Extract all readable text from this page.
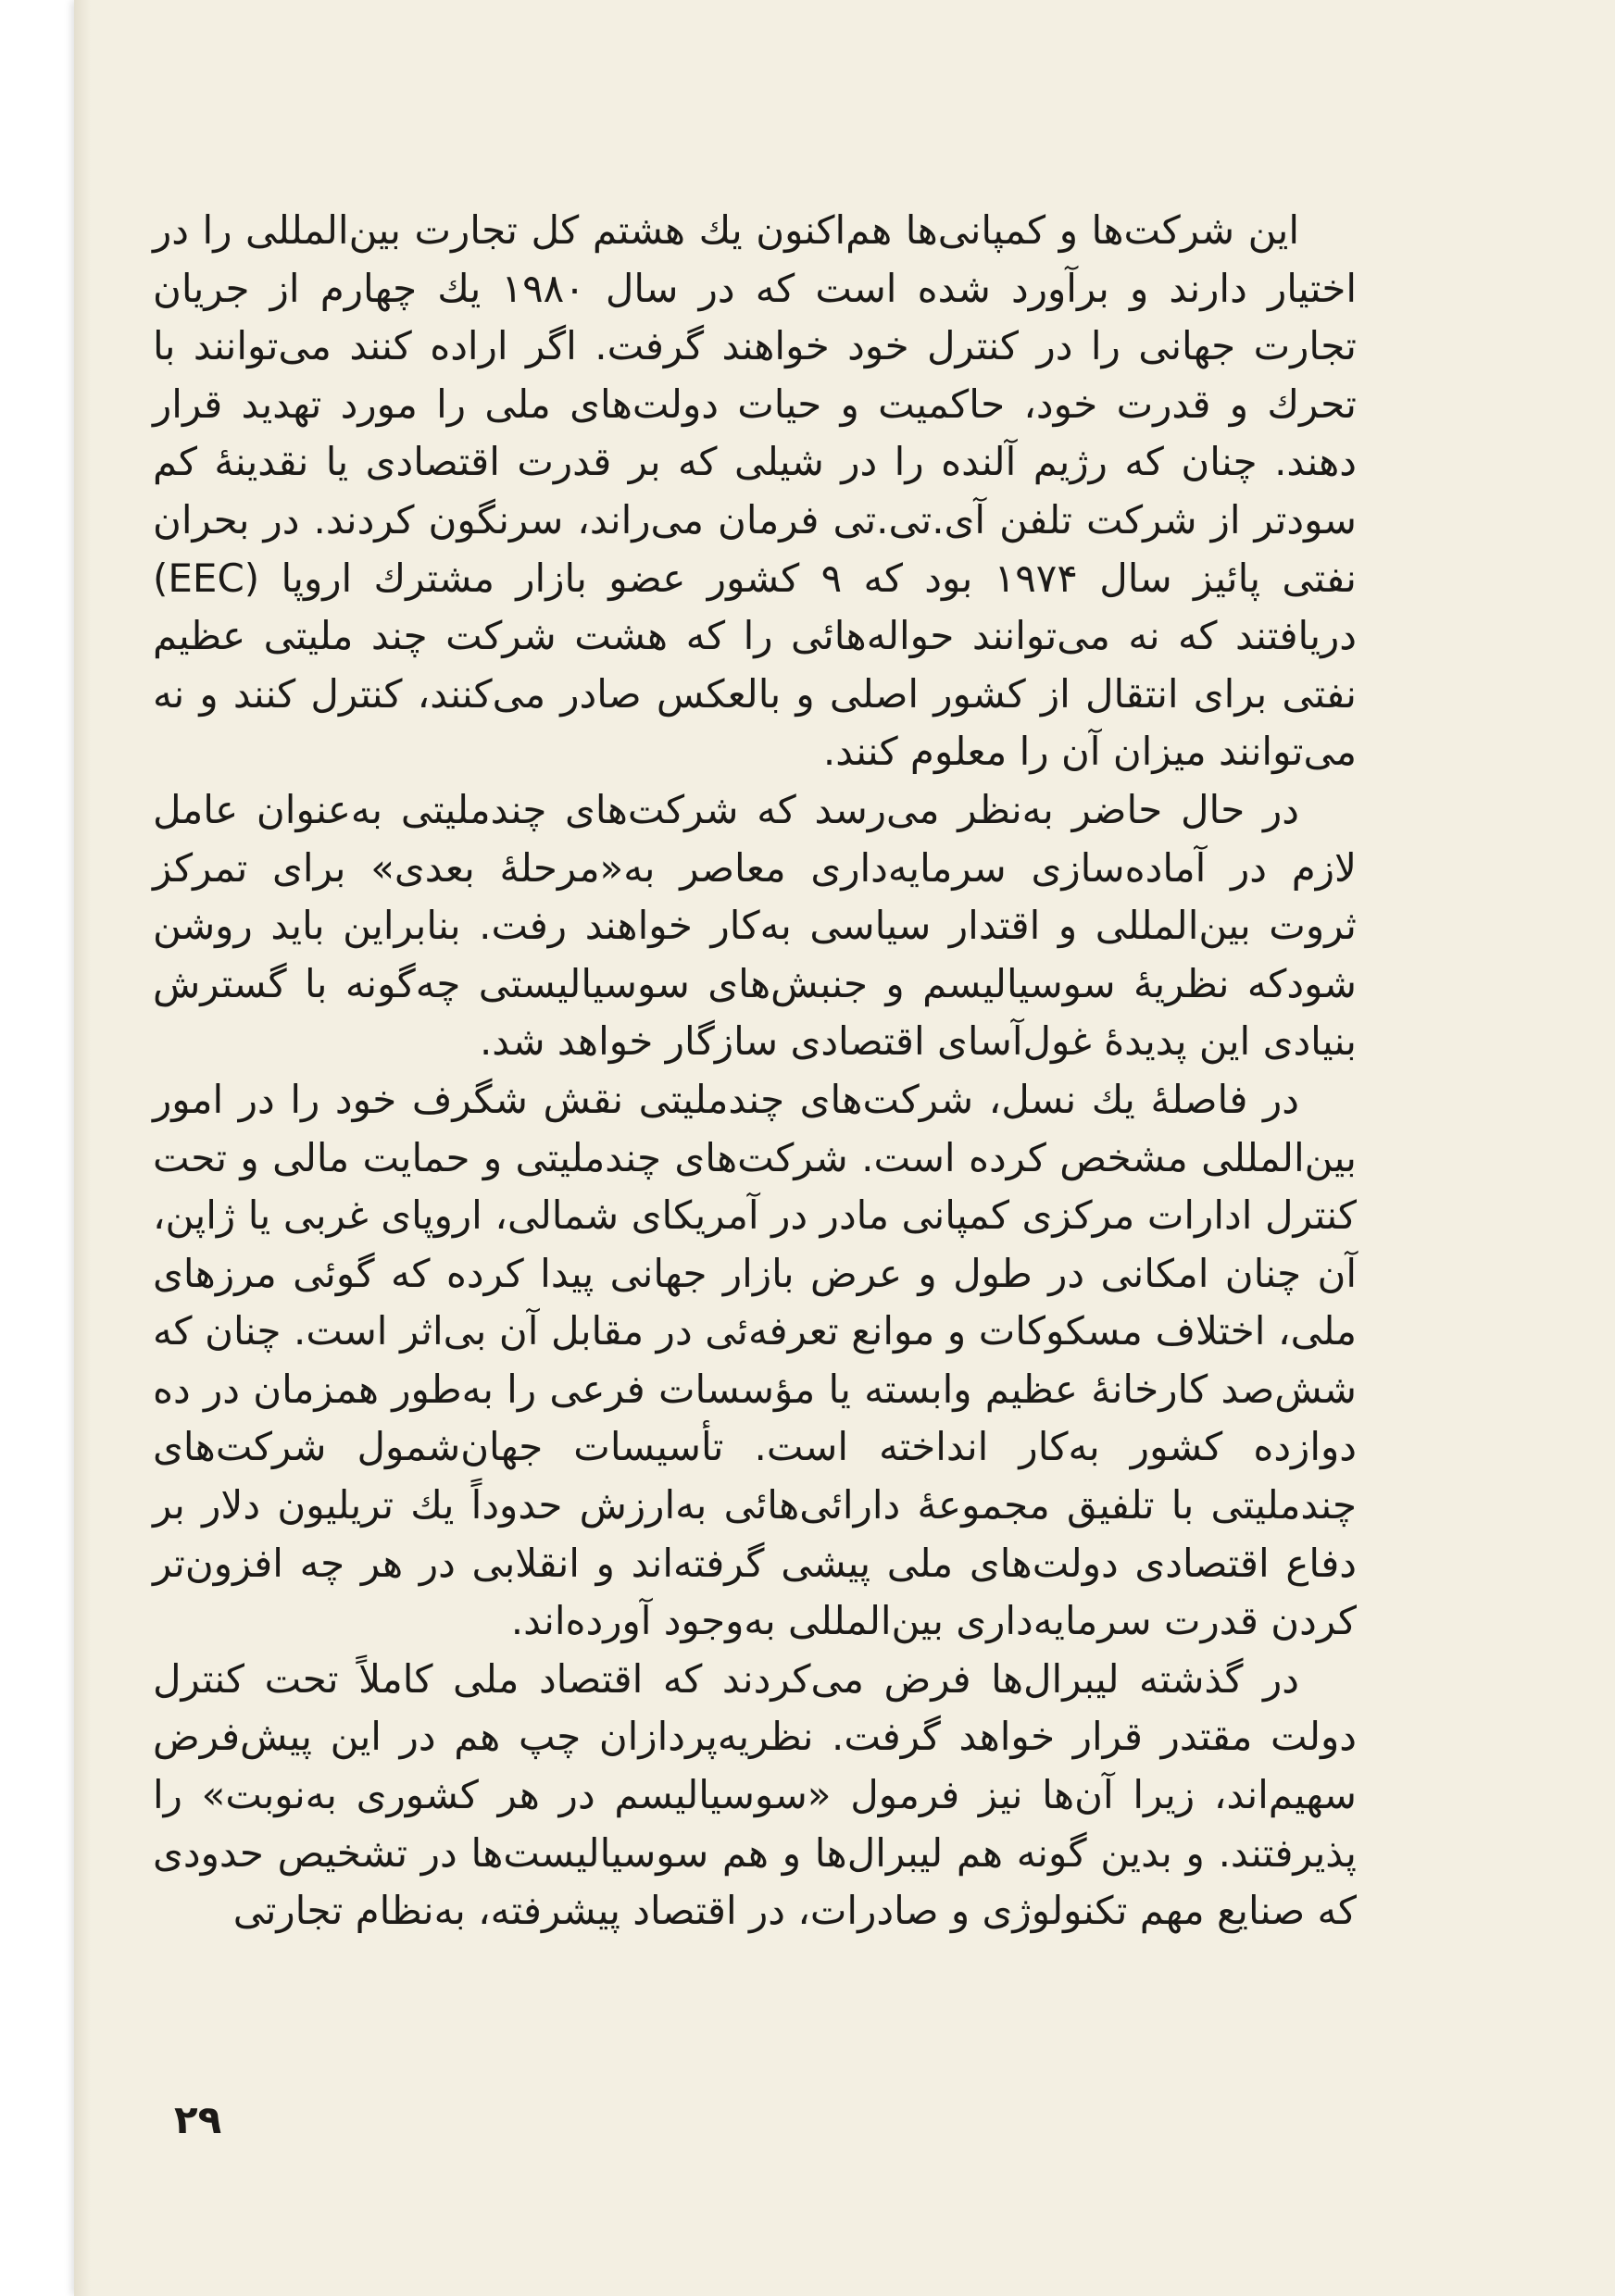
این شرکت‌ها و کمپانی‌ها هم‌اکنون یك هشتم کل تجارت بین‌المللی را در اختیار دارند و برآورد شده است که در سال ۱۹۸۰ یك چهارم از جریان تجارت جهانی را در کنترل خود خواهند گرفت. اگر اراده کنند می‌توانند با تحرك و قدرت خود، حاکمیت و حیات دولت‌های ملی را مورد تهدید قرار دهند. چنان که رژیم آلنده را در شیلی که بر قدرت اقتصادی یا نقدینهٔ کم سودتر از شرکت تلفن آی.تی.تی فرمان می‌راند، سرنگون کردند. در بحران نفتی پائیز سال ۱۹۷۴ بود که ۹ کشور عضو بازار مشترك اروپا (EEC) دریافتند که نه می‌توانند حواله‌هائی را که هشت شرکت چند ملیتی عظیم نفتی برای انتقال از کشور اصلی و بالعکس صادر می‌کنند، کنترل کنند و نه می‌توانند میزان آن را معلوم کنند.

در حال حاضر به‌نظر می‌رسد که شرکت‌های چندملیتی به‌عنوان عامل لازم در آماده‌سازی سرمایه‌داری معاصر به«مرحلهٔ بعدی» برای تمرکز ثروت بین‌المللی و اقتدار سیاسی به‌کار خواهند رفت. بنابراین باید روشن شودکه نظریهٔ سوسیالیسم و جنبش‌های سوسیالیستی چه‌گونه با گسترش بنیادی این پدیدهٔ غول‌آسای اقتصادی سازگار خواهد شد.

در فاصلهٔ یك نسل، شرکت‌های چندملیتی نقش شگرف خود را در امور بین‌المللی مشخص کرده است. شرکت‌های چندملیتی و حمایت مالی و تحت کنترل ادارات مرکزی کمپانی مادر در آمریکای شمالی، اروپای غربی یا ژاپن، آن چنان امکانی در طول و عرض بازار جهانی پیدا کرده که گوئی مرزهای ملی، اختلاف مسکوکات و موانع تعرفه‌ئی در مقابل آن بی‌اثر است. چنان که شش‌صد کارخانهٔ عظیم وابسته یا مؤسسات فرعی را به‌طور همزمان در ده دوازده کشور به‌کار انداخته است. تأسیسات جهان‌شمول شرکت‌های چندملیتی با تلفیق مجموعهٔ دارائی‌هائی به‌ارزش حدوداً یك تریلیون دلار بر دفاع اقتصادی دولت‌های ملی پیشی گرفته‌اند و انقلابی در هر چه افزون‌تر کردن قدرت سرمایه‌داری بین‌المللی به‌وجود آورده‌اند.

در گذشته لیبرال‌ها فرض می‌کردند که اقتصاد ملی کاملاً تحت کنترل دولت مقتدر قرار خواهد گرفت. نظریه‌پردازان چپ هم در این پیش‌فرض سهیم‌اند، زیرا آن‌ها نیز فرمول «سوسیالیسم در هر کشوری به‌نوبت» را پذیرفتند. و بدین گونه هم لیبرال‌ها و هم سوسیالیست‌ها در تشخیص حدودی که صنایع مهم تکنولوژی و صادرات، در اقتصاد پیشرفته، به‌نظام تجارتی

۲۹
